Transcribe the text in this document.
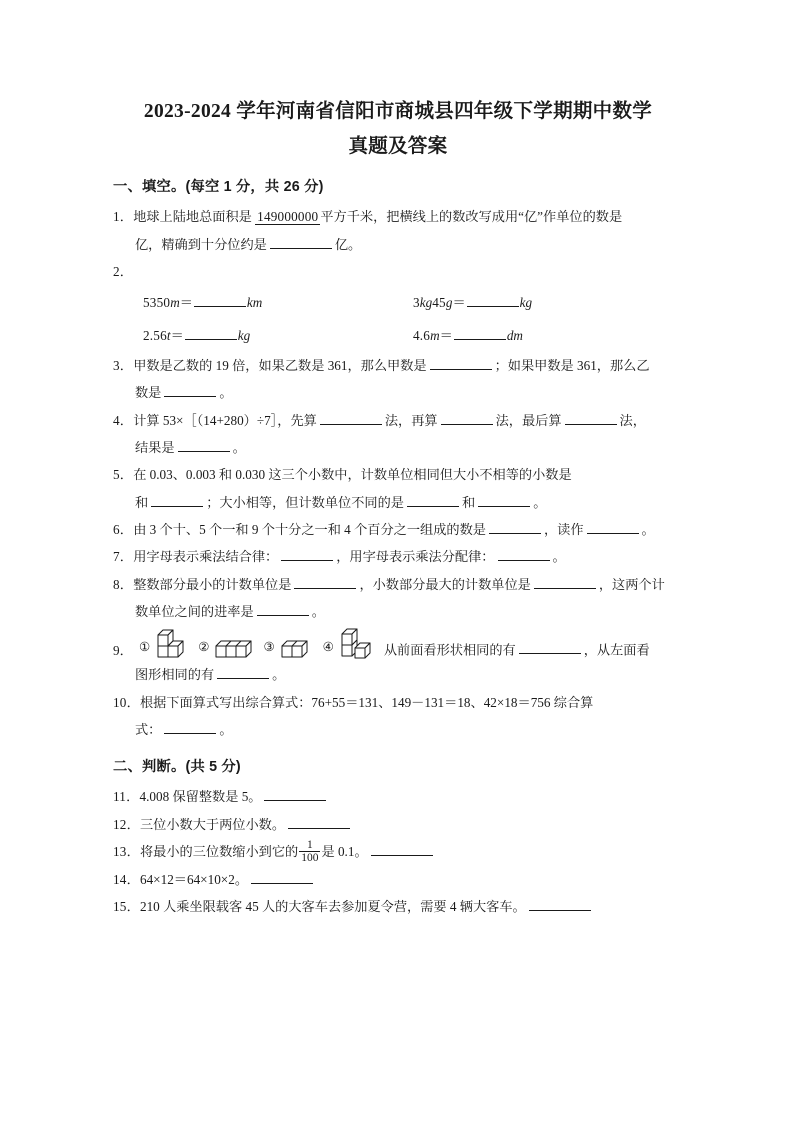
2023-2024 学年河南省信阳市商城县四年级下学期期中数学
真题及答案
一、填空。(每空 1 分，共 26 分)
1．地球上陆地总面积是 149000000 平方千米，把横线上的数改写成用“亿”作单位的数是
亿，精确到十分位约是	亿。
2．
5350m＝	km	3kg45g＝	kg
2.56t＝	kg	4.6m＝	dm
3．甲数是乙数的 19 倍，如果乙数是 361，那么甲数是	；如果甲数是 361，那么乙
数是	。
4．计算 53×［（14+280）÷7］，先算	法，再算	法，最后算	法，
结果是	。
5．在 0.03、0.003 和 0.030 这三个小数中，计数单位相同但大小不相等的小数是
和	；大小相等，但计数单位不同的是	和	。
6．由 3 个十、5 个一和 9 个十分之一和 4 个百分之一组成的数是	，读作	。
7．用字母表示乘法结合律：	，用字母表示乘法分配律：	。
8．整数部分最小的计数单位是	，小数部分最大的计数单位是	，这两个计
数单位之间的进率是	。
9． ①	②	③	④	从前面看形状相同的有	，从左面看
图形相同的有	。
10．根据下面算式写出综合算式：76+55＝131、149－131＝18、42×18＝756 综合算
式：	。
二、判断。(共 5 分)
11．4.008 保留整数是 5。
12．三位小数大于两位小数。
13．将最小的三位数缩小到它的 $\frac{1}{100}$ 是 0.1。
14．64×12＝64×10×2。
15．210 人乘坐限载客 45 人的大客车去参加夏令营，需要 4 辆大客车。
